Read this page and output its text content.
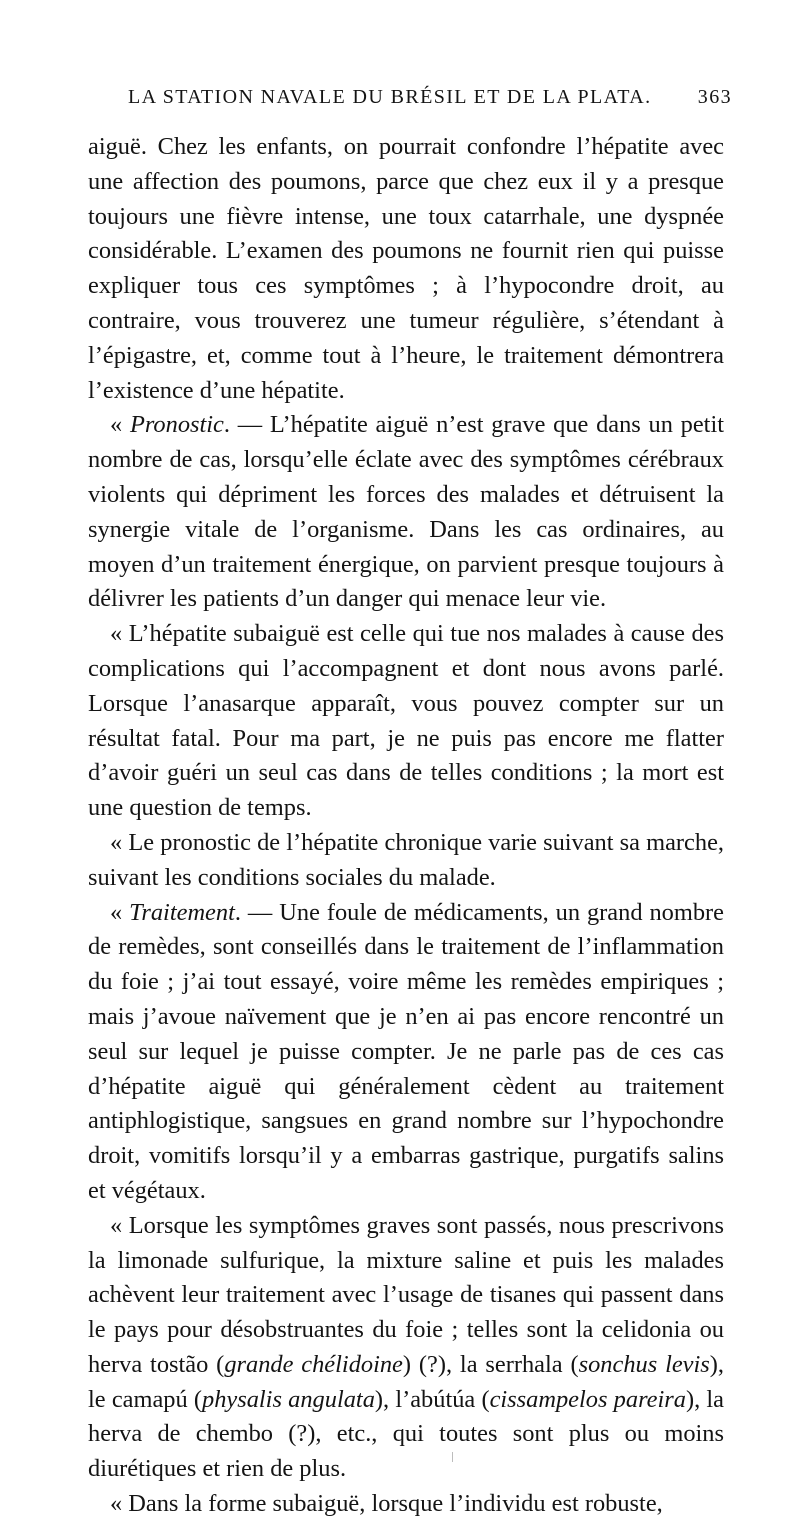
LA STATION NAVALE DU BRÉSIL ET DE LA PLATA. 363

aiguë. Chez les enfants, on pourrait confondre l’hépatite avec une affection des poumons, parce que chez eux il y a presque toujours une fièvre intense, une toux catarrhale, une dyspnée considérable. L’examen des poumons ne fournit rien qui puisse expliquer tous ces symptômes ; à l’hypocondre droit, au contraire, vous trouverez une tumeur régulière, s’étendant à l’épigastre, et, comme tout à l’heure, le traitement démontrera l’existence d’une hépatite.

« Pronostic. — L’hépatite aiguë n’est grave que dans un petit nombre de cas, lorsqu’elle éclate avec des symptômes cérébraux violents qui dépriment les forces des malades et détruisent la synergie vitale de l’organisme. Dans les cas ordinaires, au moyen d’un traitement énergique, on parvient presque toujours à délivrer les patients d’un danger qui menace leur vie.

« L’hépatite subaiguë est celle qui tue nos malades à cause des complications qui l’accompagnent et dont nous avons parlé. Lorsque l’anasarque apparaît, vous pouvez compter sur un résultat fatal. Pour ma part, je ne puis pas encore me flatter d’avoir guéri un seul cas dans de telles conditions ; la mort est une question de temps.

« Le pronostic de l’hépatite chronique varie suivant sa marche, suivant les conditions sociales du malade.

« Traitement. — Une foule de médicaments, un grand nombre de remèdes, sont conseillés dans le traitement de l’inflammation du foie ; j’ai tout essayé, voire même les remèdes empiriques ; mais j’avoue naïvement que je n’en ai pas encore rencontré un seul sur lequel je puisse compter. Je ne parle pas de ces cas d’hépatite aiguë qui généralement cèdent au traitement antiphlogistique, sangsues en grand nombre sur l’hypochondre droit, vomitifs lorsqu’il y a embarras gastrique, purgatifs salins et végétaux.

« Lorsque les symptômes graves sont passés, nous prescrivons la limonade sulfurique, la mixture saline et puis les malades achèvent leur traitement avec l’usage de tisanes qui passent dans le pays pour désobstruantes du foie ; telles sont la celidonia ou herva tostão (grande chélidoine) (?), la serrhala (sonchus levis), le camapú (physalis angulata), l’abútúa (cissampelos pareira), la herva de chembo (?), etc., qui toutes sont plus ou moins diurétiques et rien de plus.

« Dans la forme subaiguë, lorsque l’individu est robuste,
